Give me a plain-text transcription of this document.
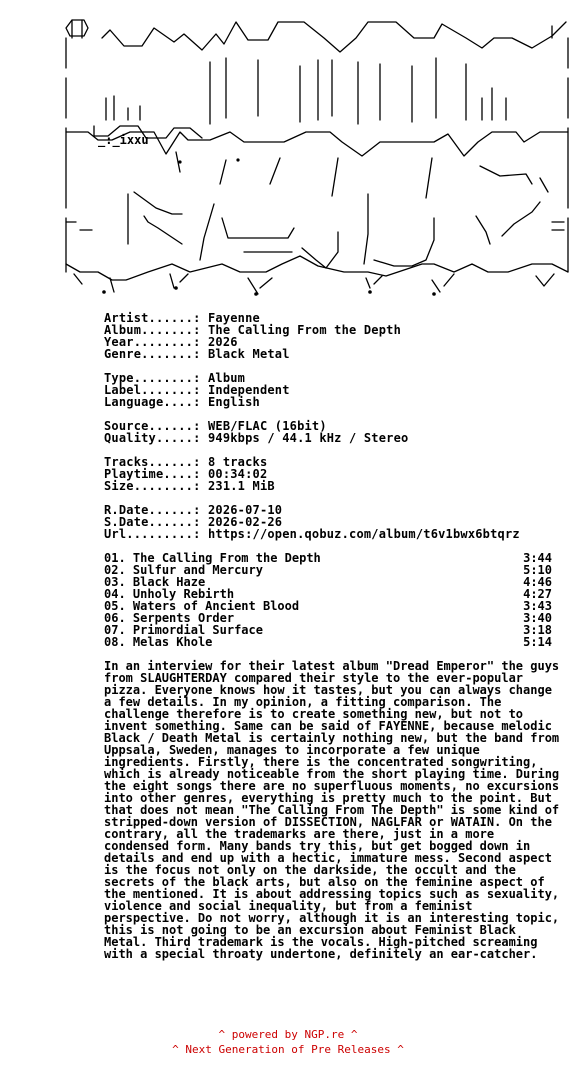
_:_ixxu
Artist......: Fayenne
Album.......: The Calling From the Depth
Year........: 2026
Genre.......: Black Metal
Type........: Album
Label.......: Independent
Language....: English
Source......: WEB/FLAC (16bit)
Quality.....: 949kbps / 44.1 kHz / Stereo
Tracks......: 8 tracks
Playtime....: 00:34:02
Size........: 231.1 MiB
R.Date......: 2026-07-10
S.Date......: 2026-02-26
Url.........: https://open.qobuz.com/album/t6v1bwx6btqrz
01. The Calling From the Depth	3:44
02. Sulfur and Mercury	5:10
03. Black Haze	4:46
04. Unholy Rebirth	4:27
05. Waters of Ancient Blood	3:43
06. Serpents Order	3:40
07. Primordial Surface	3:18
08. Melas Khole	5:14
In an interview for their latest album "Dread Emperor" the guys from SLAUGHTERDAY compared their style to the ever-popular pizza. Everyone knows how it tastes, but you can always change a few details. In my opinion, a fitting comparison. The challenge therefore is to create something new, but not to invent something. Same can be said of FAYENNE, because melodic Black / Death Metal is certainly nothing new, but the band from Uppsala, Sweden, manages to incorporate a few unique ingredients. Firstly, there is the concentrated songwriting, which is already noticeable from the short playing time. During the eight songs there are no superfluous moments, no excursions into other genres, everything is pretty much to the point. But that does not mean "The Calling From The Depth" is some kind of stripped-down version of DISSECTION, NAGLFAR or WATAIN. On the contrary, all the trademarks are there, just in a more condensed form. Many bands try this, but get bogged down in details and end up with a hectic, immature mess. Second aspect is the focus not only on the darkside, the occult and the secrets of the black arts, but also on the feminine aspect of the mentioned. It is about addressing topics such as sexuality, violence and social inequality, but from a feminist perspective. Do not worry, although it is an interesting topic, this is not going to be an excursion about Feminist Black Metal. Third trademark is the vocals. High-pitched screaming with a special throaty undertone, definitely an ear-catcher.
^ powered by NGP.re ^
^ Next Generation of Pre Releases ^
